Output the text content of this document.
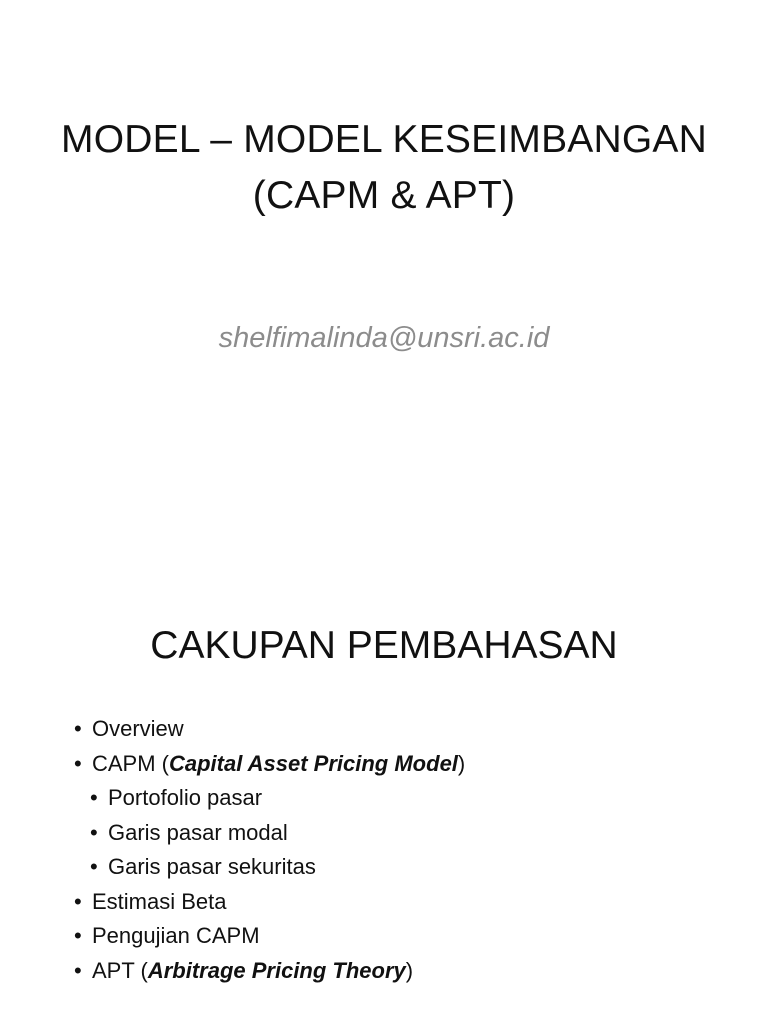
MODEL – MODEL KESEIMBANGAN
(CAPM & APT)
shelfimalinda@unsri.ac.id
CAKUPAN PEMBAHASAN
• Overview
• CAPM (Capital Asset Pricing Model)
• Portofolio pasar
• Garis pasar modal
• Garis pasar sekuritas
• Estimasi Beta
• Pengujian CAPM
• APT (Arbitrage Pricing Theory)
